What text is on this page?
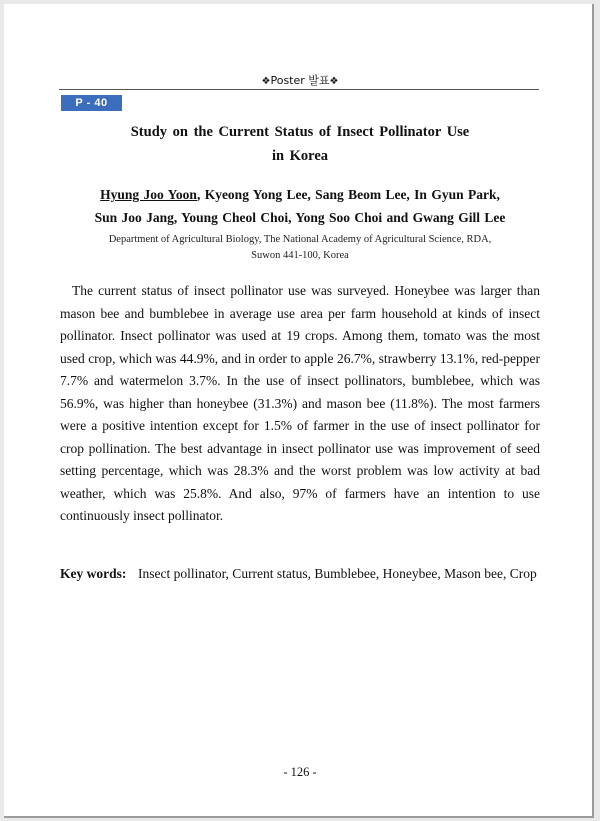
❖Poster 발표❖
P - 40
Study on the Current Status of Insect Pollinator Use
in Korea
Hyung Joo Yoon, Kyeong Yong Lee, Sang Beom Lee, In Gyun Park,
Sun Joo Jang, Young Cheol Choi, Yong Soo Choi and Gwang Gill Lee
Department of Agricultural Biology, The National Academy of Agricultural Science, RDA,
Suwon 441-100, Korea

The current status of insect pollinator use was surveyed. Honeybee was larger than mason bee and bumblebee in average use area per farm household at kinds of insect pollinator. Insect pollinator was used at 19 crops. Among them, tomato was the most used crop, which was 44.9%, and in order to apple 26.7%, strawberry 13.1%, red-pepper 7.7% and watermelon 3.7%. In the use of insect pollinators, bumblebee, which was 56.9%, was higher than honeybee (31.3%) and mason bee (11.8%). The most farmers were a positive intention except for 1.5% of farmer in the use of insect pollinator for crop pollination. The best advantage in insect pollinator use was improvement of seed setting percentage, which was 28.3% and the worst problem was low activity at bad weather, which was 25.8%. And also, 97% of farmers have an intention to use continuously insect pollinator.

Key words: Insect pollinator, Current status, Bumblebee, Honeybee, Mason bee, Crop
- 126 -
